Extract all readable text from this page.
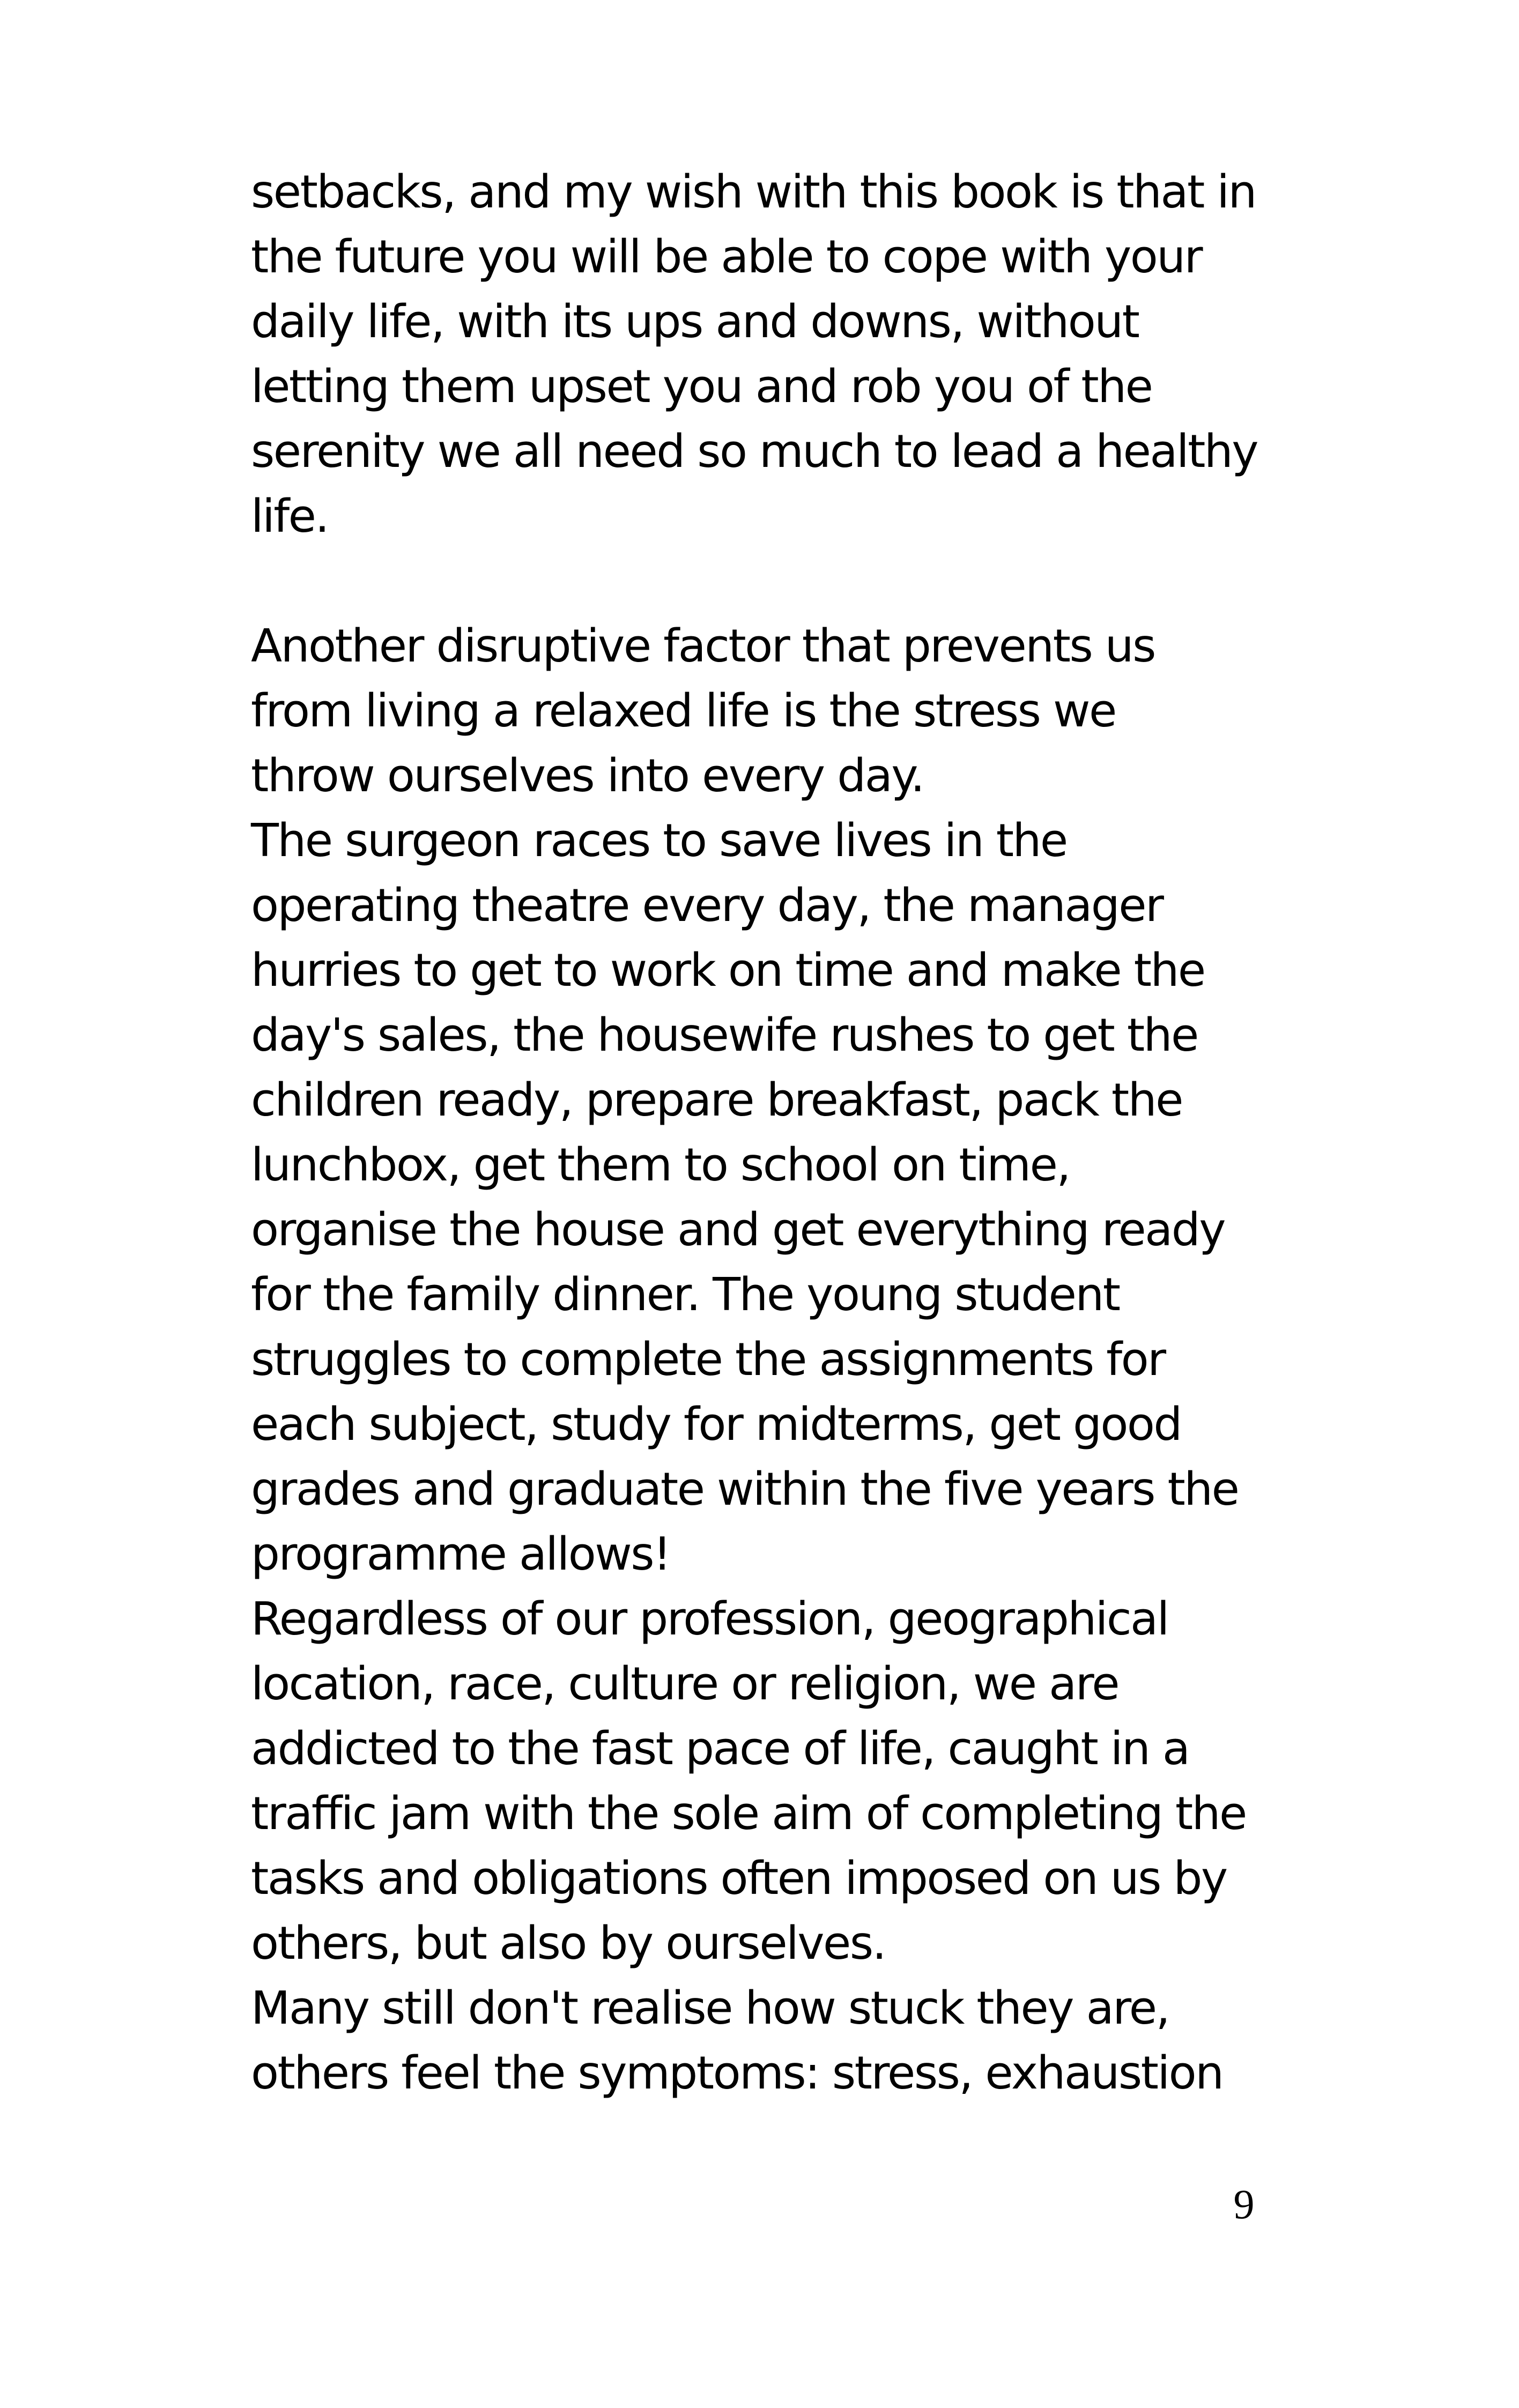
setbacks, and my wish with this book is that in
the future you will be able to cope with your
daily life, with its ups and downs, without
letting them upset you and rob you of the
serenity we all need so much to lead a healthy
life.
Another disruptive factor that prevents us
from living a relaxed life is the stress we
throw ourselves into every day.
The surgeon races to save lives in the
operating theatre every day, the manager
hurries to get to work on time and make the
day's sales, the housewife rushes to get the
children ready, prepare breakfast, pack the
lunchbox, get them to school on time,
organise the house and get everything ready
for the family dinner. The young student
struggles to complete the assignments for
each subject, study for midterms, get good
grades and graduate within the five years the
programme allows!
Regardless of our profession, geographical
location, race, culture or religion, we are
addicted to the fast pace of life, caught in a
traffic jam with the sole aim of completing the
tasks and obligations often imposed on us by
others, but also by ourselves.
Many still don't realise how stuck they are,
others feel the symptoms: stress, exhaustion
9
